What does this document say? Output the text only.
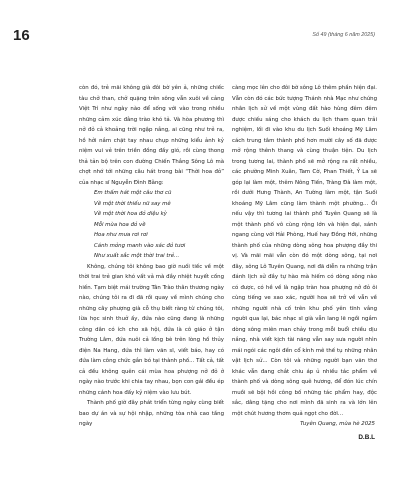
16	Số 49 (tháng 6 năm 2025)

còn đó, trẻ mãi không già đôi bờ yên ả, những chiếc tàu chở than, chở quặng trên sông vẫn xuôi về cảng Việt Trì như ngày nào để sống với vào trong nhiều những cảm xúc đằng trào khó tả. Và hòa phương thì nở đỏ cả khoảng trời ngập nắng, ai cũng như trẻ ra, hồ hởi nắm chặt tay nhau chụp những kiểu ảnh kỷ niệm vui vẻ trên triền đồng đầy gió, rồi cùng thong thả tản bộ trên con đường Chiến Thắng Sông Lô mà chợt nhớ tới những câu hát trong bài “Thời hoa đỏ” của nhạc sĩ Nguyễn Đình Bằng:

Em thấm hát một câu thơ cũ
Về một thời thiếu nữ say mê
Về một thời hoa đỏ diệu kỳ
Mỗi mùa hoa đỏ về
Hoa như mưa rơi rơi
Cánh mỏng manh vào xác đỏ tươi
Như xuất sắc một thời trai trẻ...

Không, chúng tôi không bao giờ nuối tiếc về một thời trai trẻ gian khó vất vả mà đầy nhiệt huyết cống hiến. Tạm biệt mái trường Tân Trào thân thương ngày nào, chúng tôi ra đi đã rồi quay về mình chúng cho những cây phượng già cỗ thụ biết ràng từ chúng tôi, lừa học sinh thuở ấy, đứa nào cũng đang là những công dân có ích cho xã hội, đứa là cô giáo ở tận Trường Lâm, đứa nuôi cả lồng bè trên lòng hồ thủy điện Na Hang, đứa thì làm văn sĩ, viết báo, hay có đứa làm công chức gắn bó tại thành phố... Tất cả, tất cả đều không quên cái mùa hoa phượng nở đỏ ở ngày nào trước khi chia tay nhau, bọn con gái đều ép những cánh hoa đấy kỷ niệm vào lưu bút.

Thành phố giờ đây phát triển từng ngày cùng biết bao dự án và sự hội nhập, những tòa nhà cao tầng ngày

càng mọc lên cho đôi bờ sông Lô thêm phần hiện đại. Vẫn còn đó các bức tượng Thánh nhà Mạc như chứng nhân lịch sử về một vùng đất hào hùng đêm đêm được chiếu sáng cho khách du lịch tham quan trải nghiệm, lối đi vào khu du lịch Suối khoáng Mỹ Lâm cách trung tâm thành phố hơn mười cây số đã được mở rộng thênh thang và cùng thuận tiện. Du lịch trong tương lai, thành phố sẽ mở rộng ra rất nhiều, các phường Minh Xuân, Tam Cờ, Phan Thiết, Ỷ La sẽ góp lại làm một, thêm Nông Tiến, Tràng Đà làm một, rồi dưới Hưng Thành, An Tường làm một, tận Suối khoáng Mỹ Lâm cũng làm thành một phường... Ồi nếu vậy thì tương lai thành phố Tuyên Quang sẽ là một thành phố vô cùng rộng lớn và hiện đại, sánh ngang cùng với Hải Phòng, Huế hay Đồng Hới, những thành phố của những dòng sông hoa phượng đầy thi vị. Và mãi mãi vẫn còn đó một dòng sông, tại nơi đây, sông Lô Tuyên Quang, nơi đã diễn ra những trận đánh lịch sử đầy tự hào mà hiếm có dòng sông nào có được, có hề về là ngập tràn hoa phượng nở đỏ ôi cùng tiếng ve xao xác, người hoa sẽ trở về vẫn về những người nhà cố trên khu phố yên tĩnh vắng người qua lại, bác nhạc sĩ già vẫn lang lẽ ngồi ngắm dòng sông miên man chảy trong mỗi buổi chiều dịu nắng, nhà viết kịch tài năng vẫn say sưa người nhìn mái ngói các ngôi đền cổ kính mê thế tụ những nhân vật lịch sử... Còn tôi và những người bạn văn thơ khác vẫn đang chắt chiu áp ủ nhiều tác phẩm về thành phố và dòng sông quê hương, để đón lúc chín muồi sẽ bội hồi công bố những tác phẩm hay, độc sắc, dâng tặng cho nơi mình đã sinh ra và lớn lên một chút hương thơm quả ngọt cho đời...

Tuyên Quang, mùa hè 2025
D.B.L
